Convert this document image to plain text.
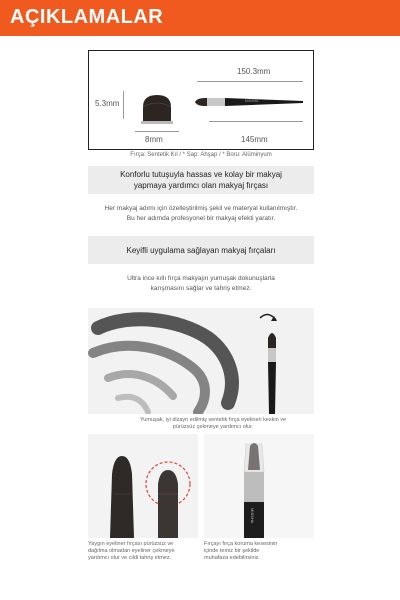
AÇIKLAMALAR
5.3mm
8mm
150.3mm
MISSHA
145mm
Fırça: Sentetik Kıl / * Sap: Ahşap / * Boru: Alüminyum
Konforlu tutuşuyla hassas ve kolay bir makyaj
yapmaya yardımcı olan makyaj fırçası
Her makyaj adımı için özelleştirilmiş şekil ve materyal kullanılmıştır.
Bu her adımda profesyonel bir makyaj efekti yaratır.
Keyifli uygulama sağlayan makyaj fırçaları
Ultra ince kıllı fırça makyajın yumuşak dokunuşlarla
karışmasını sağlar ve tahriş etmez.
Yumuşak, iyi dizayn edilmiş sentetik fırça eyelineri keskin ve
pürüzsüz çekmeye yardımcı olur.
Yaygın eyeliner fırçası pürüzsüz ve
dağılma olmadan eyeliner çekmeye
yardımcı olur ve cildi tahriş etmez.
MISSHA
Fırçayı fırça koruma kesesinin
içinde temiz bir şekilde
muhafaza edebilirsiniz.
